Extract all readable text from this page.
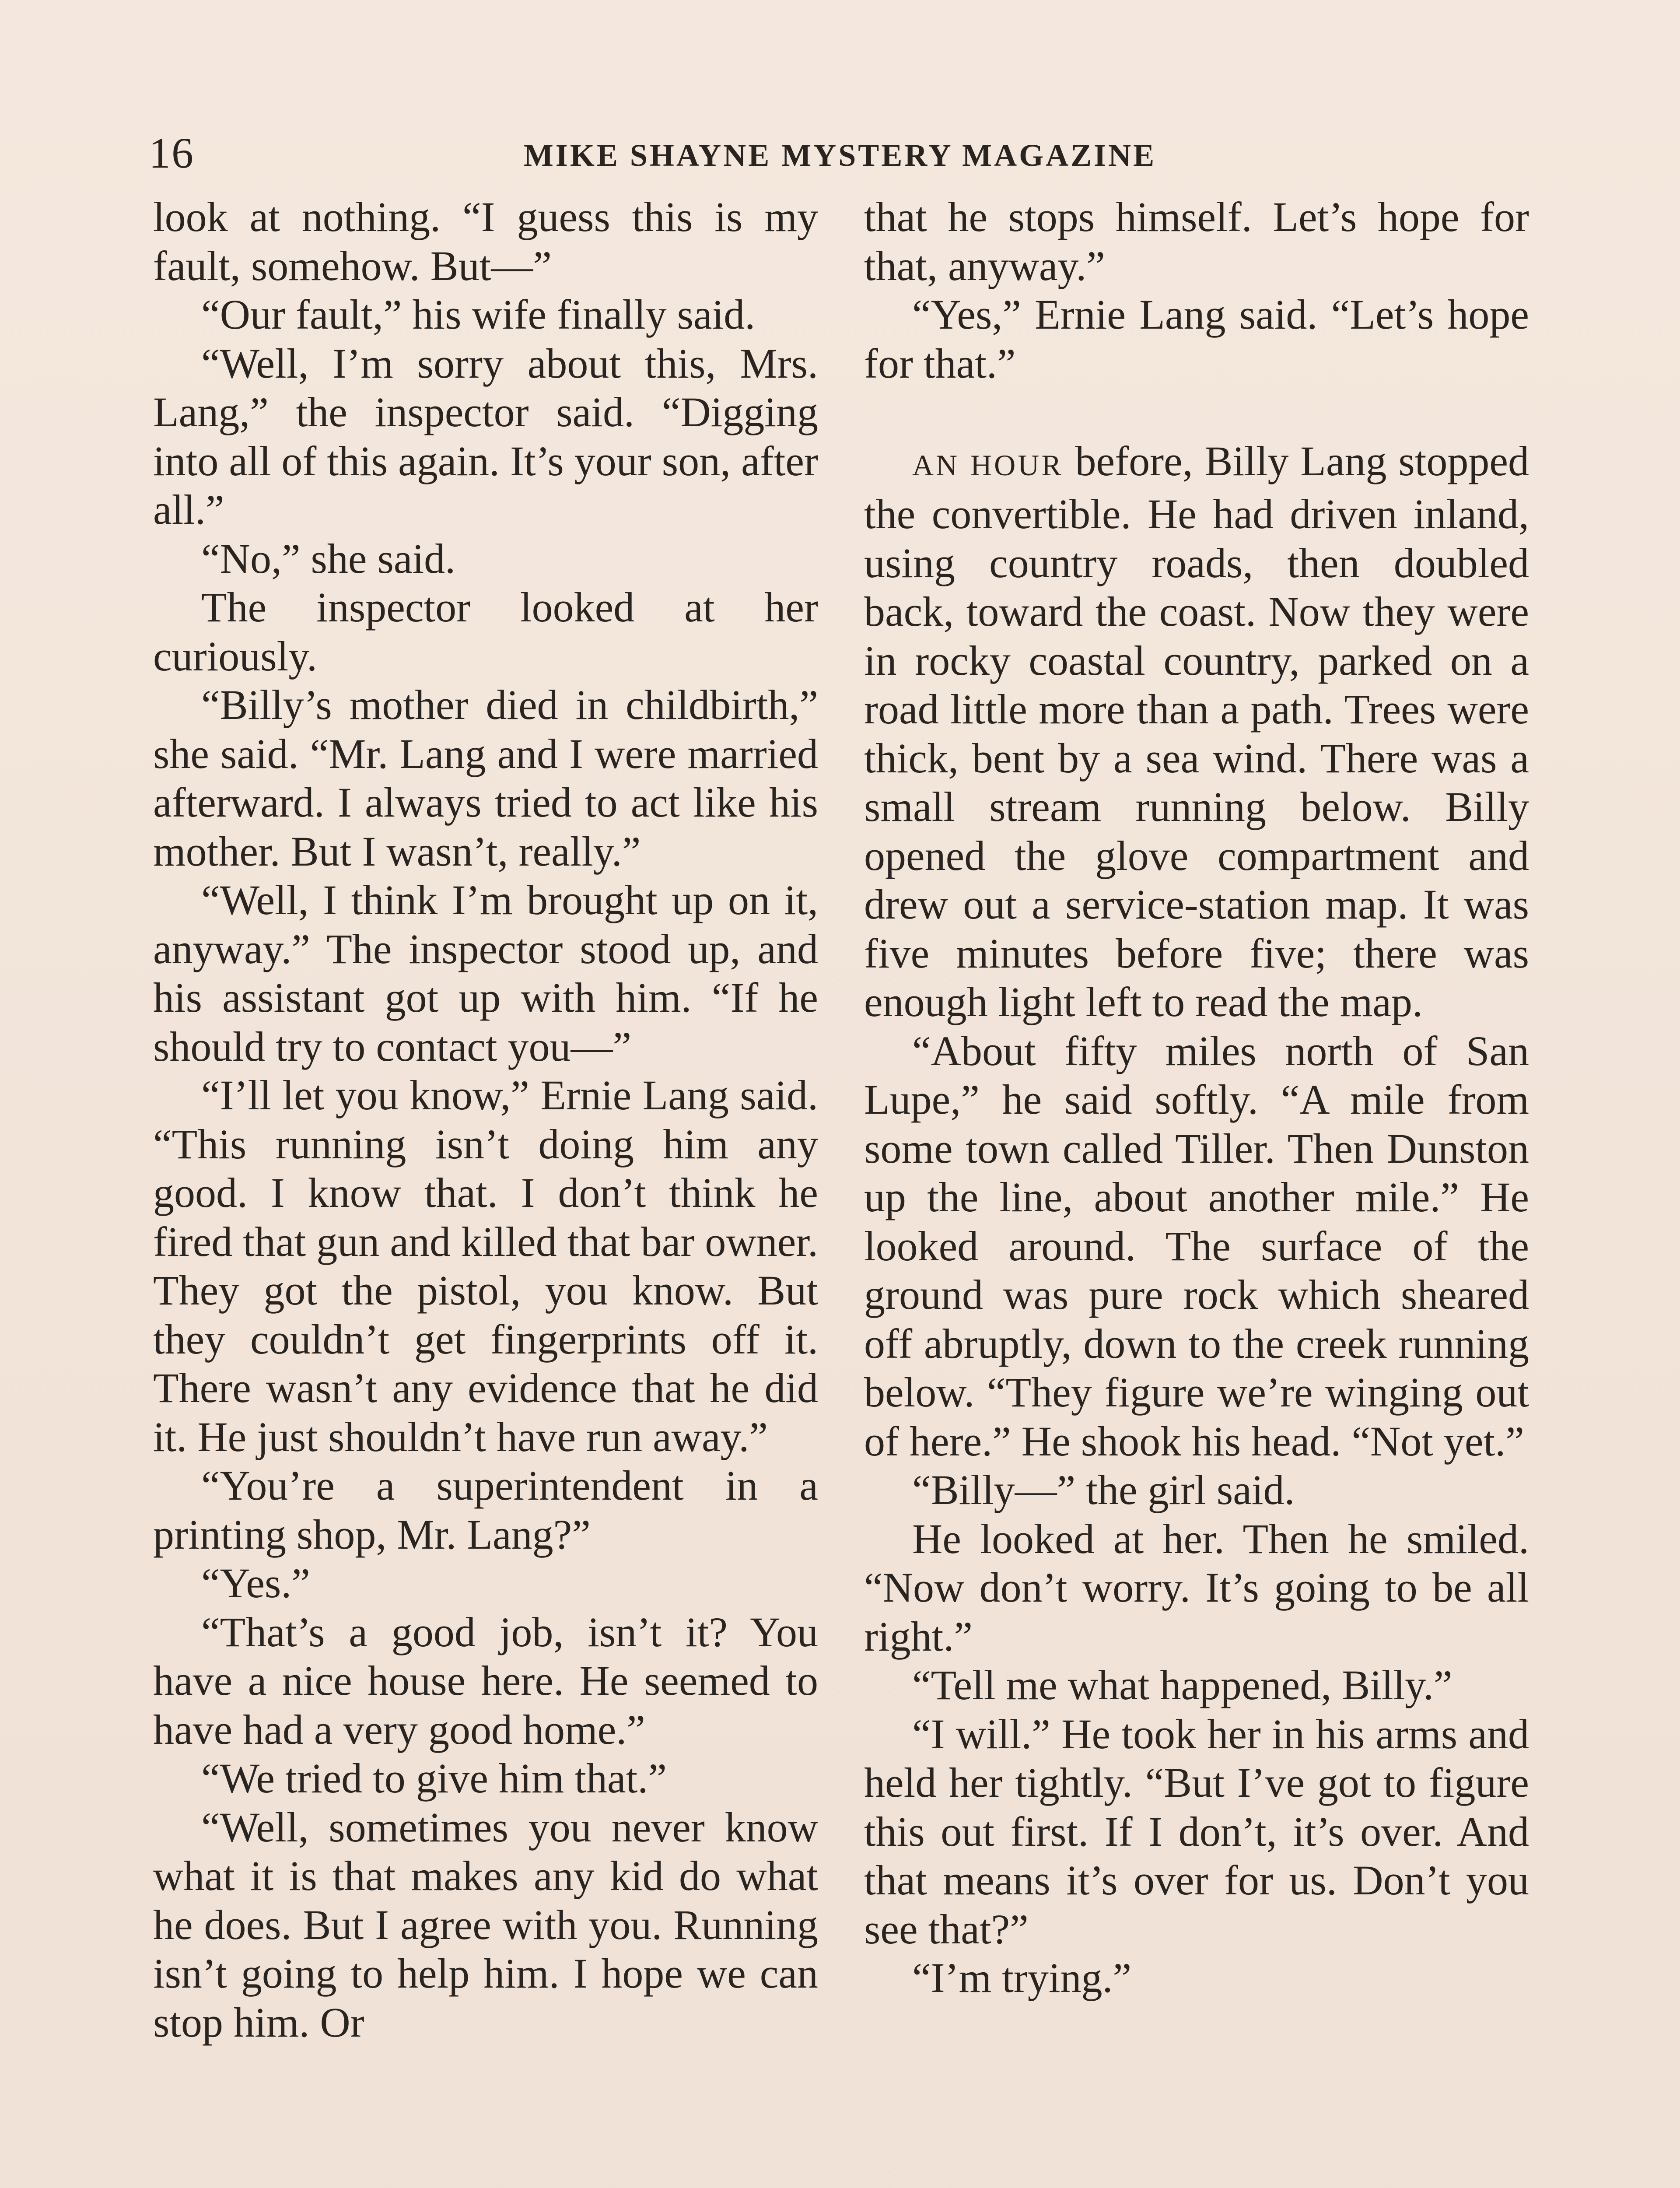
16	MIKE SHAYNE MYSTERY MAGAZINE

look at nothing. “I guess this is my fault, somehow. But—”

“Our fault,” his wife finally said.

“Well, I’m sorry about this, Mrs. Lang,” the inspector said. “Digging into all of this again. It’s your son, after all.”

“No,” she said.

The inspector looked at her curiously.

“Billy’s mother died in childbirth,” she said. “Mr. Lang and I were married afterward. I always tried to act like his mother. But I wasn’t, really.”

“Well, I think I’m brought up on it, anyway.” The inspector stood up, and his assistant got up with him. “If he should try to contact you—”

“I’ll let you know,” Ernie Lang said. “This running isn’t doing him any good. I know that. I don’t think he fired that gun and killed that bar owner. They got the pistol, you know. But they couldn’t get fingerprints off it. There wasn’t any evidence that he did it. He just shouldn’t have run away.”

“You’re a superintendent in a printing shop, Mr. Lang?”

“Yes.”

“That’s a good job, isn’t it? You have a nice house here. He seemed to have had a very good home.”

“We tried to give him that.”

“Well, sometimes you never know what it is that makes any kid do what he does. But I agree with you. Running isn’t going to help him. I hope we can stop him. Or

that he stops himself. Let’s hope for that, anyway.”

“Yes,” Ernie Lang said. “Let’s hope for that.”

AN HOUR before, Billy Lang stopped the convertible. He had driven inland, using country roads, then doubled back, toward the coast. Now they were in rocky coastal country, parked on a road little more than a path. Trees were thick, bent by a sea wind. There was a small stream running below. Billy opened the glove compartment and drew out a service-station map. It was five minutes before five; there was enough light left to read the map.

“About fifty miles north of San Lupe,” he said softly. “A mile from some town called Tiller. Then Dunston up the line, about another mile.” He looked around. The surface of the ground was pure rock which sheared off abruptly, down to the creek running below. “They figure we’re winging out of here.” He shook his head. “Not yet.”

“Billy—” the girl said.

He looked at her. Then he smiled. “Now don’t worry. It’s going to be all right.”

“Tell me what happened, Billy.”

“I will.” He took her in his arms and held her tightly. “But I’ve got to figure this out first. If I don’t, it’s over. And that means it’s over for us. Don’t you see that?”

“I’m trying.”
